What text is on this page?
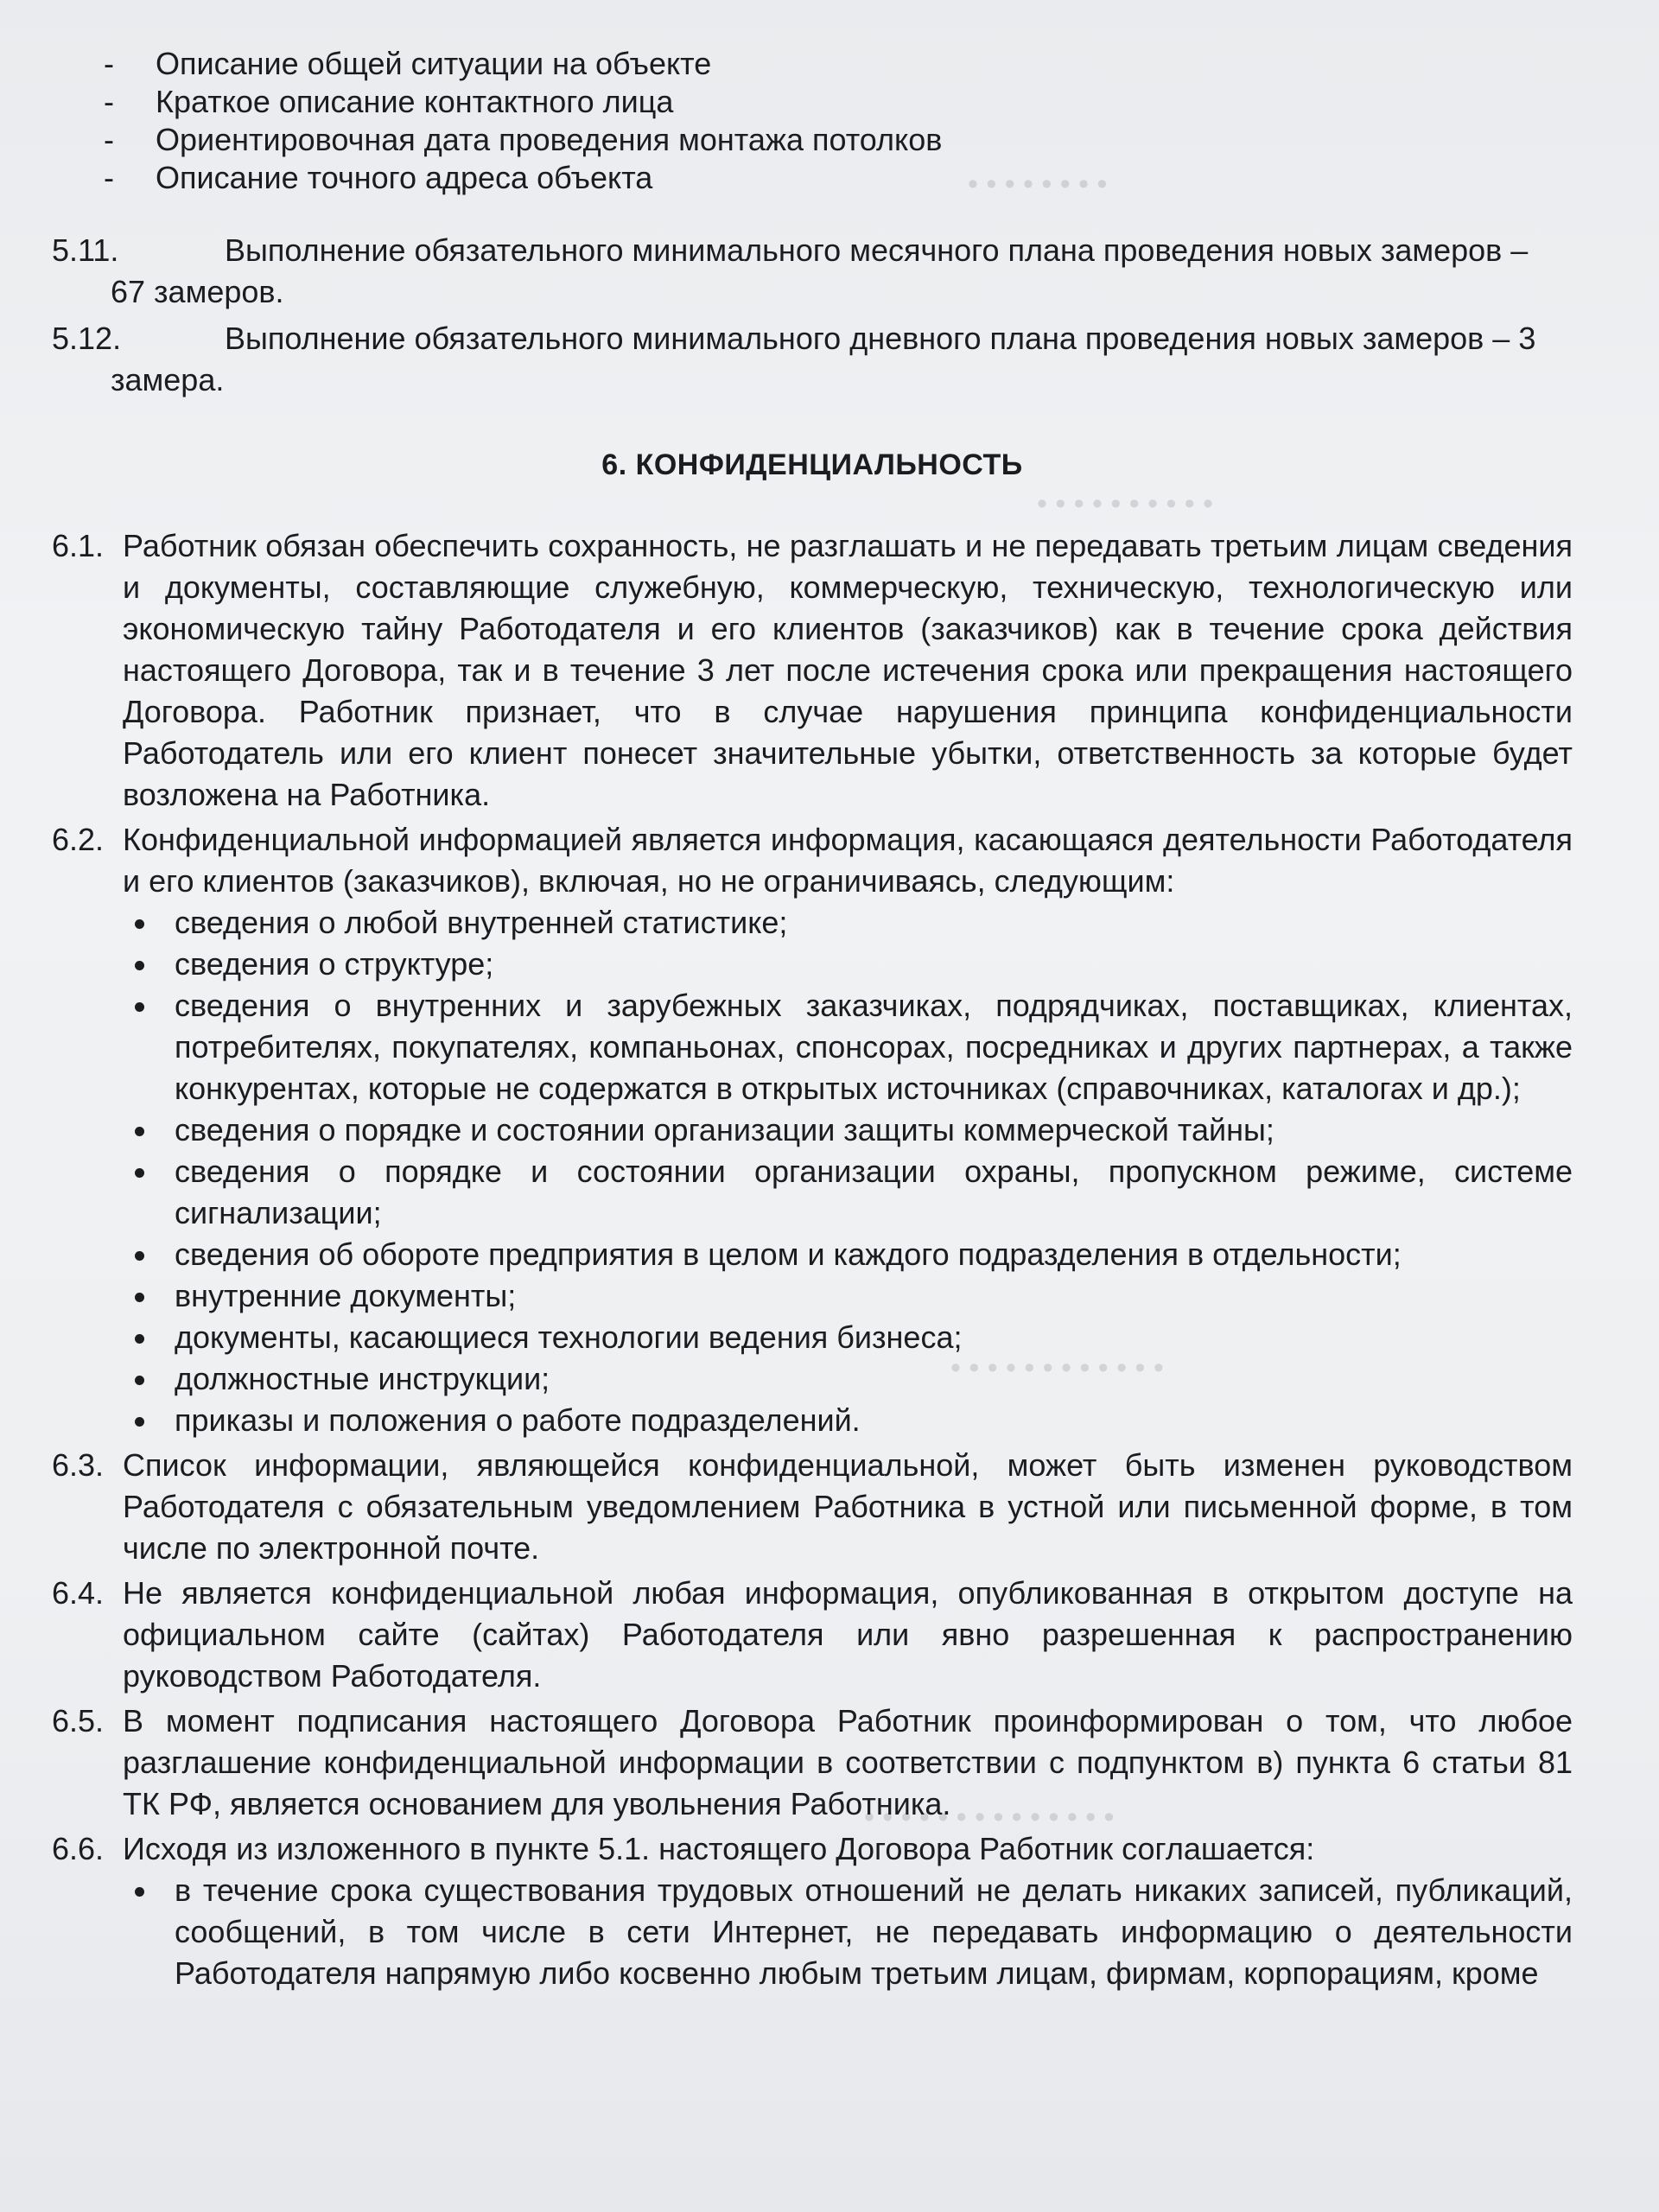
• • • • • • • •
• • • • • • • • • •
• • • • • • • • • • • •
• • • • • • • • • • • • • •
- Описание общей ситуации на объекте
- Краткое описание контактного лица
- Ориентировочная дата проведения монтажа потолков
- Описание точного адреса объекта
5.11.	Выполнение обязательного минимального месячного плана проведения новых замеров –
67 замеров.
5.12.	Выполнение обязательного минимального дневного плана проведения новых замеров – 3
замера.
6. КОНФИДЕНЦИАЛЬНОСТЬ
6.1. Работник обязан обеспечить сохранность, не разглашать и не передавать третьим лицам сведения и документы, составляющие служебную, коммерческую, техническую, технологическую или экономическую тайну Работодателя и его клиентов (заказчиков) как в течение срока действия настоящего Договора, так и в течение 3 лет после истечения срока или прекращения настоящего Договора. Работник признает, что в случае нарушения принципа конфиденциальности Работодатель или его клиент понесет значительные убытки, ответственность за которые будет возложена на Работника.
6.2. Конфиденциальной информацией является информация, касающаяся деятельности Работодателя и его клиентов (заказчиков), включая, но не ограничиваясь, следующим:
сведения о любой внутренней статистике;
сведения о структуре;
сведения о внутренних и зарубежных заказчиках, подрядчиках, поставщиках, клиентах, потребителях, покупателях, компаньонах, спонсорах, посредниках и других партнерах, а также конкурентах, которые не содержатся в открытых источниках (справочниках, каталогах и др.);
сведения о порядке и состоянии организации защиты коммерческой тайны;
сведения о порядке и состоянии организации охраны, пропускном режиме, системе сигнализации;
сведения об обороте предприятия в целом и каждого подразделения в отдельности;
внутренние документы;
документы, касающиеся технологии ведения бизнеса;
должностные инструкции;
приказы и положения о работе подразделений.
6.3. Список информации, являющейся конфиденциальной, может быть изменен руководством Работодателя с обязательным уведомлением Работника в устной или письменной форме, в том числе по электронной почте.
6.4. Не является конфиденциальной любая информация, опубликованная в открытом доступе на официальном сайте (сайтах) Работодателя или явно разрешенная к распространению руководством Работодателя.
6.5. В момент подписания настоящего Договора Работник проинформирован о том, что любое разглашение конфиденциальной информации в соответствии с подпунктом в) пункта 6 статьи 81 ТК РФ, является основанием для увольнения Работника.
6.6. Исходя из изложенного в пункте 5.1. настоящего Договора Работник соглашается:
в течение срока существования трудовых отношений не делать никаких записей, публикаций, сообщений, в том числе в сети Интернет, не передавать информацию о деятельности Работодателя напрямую либо косвенно любым третьим лицам, фирмам, корпорациям, кроме
